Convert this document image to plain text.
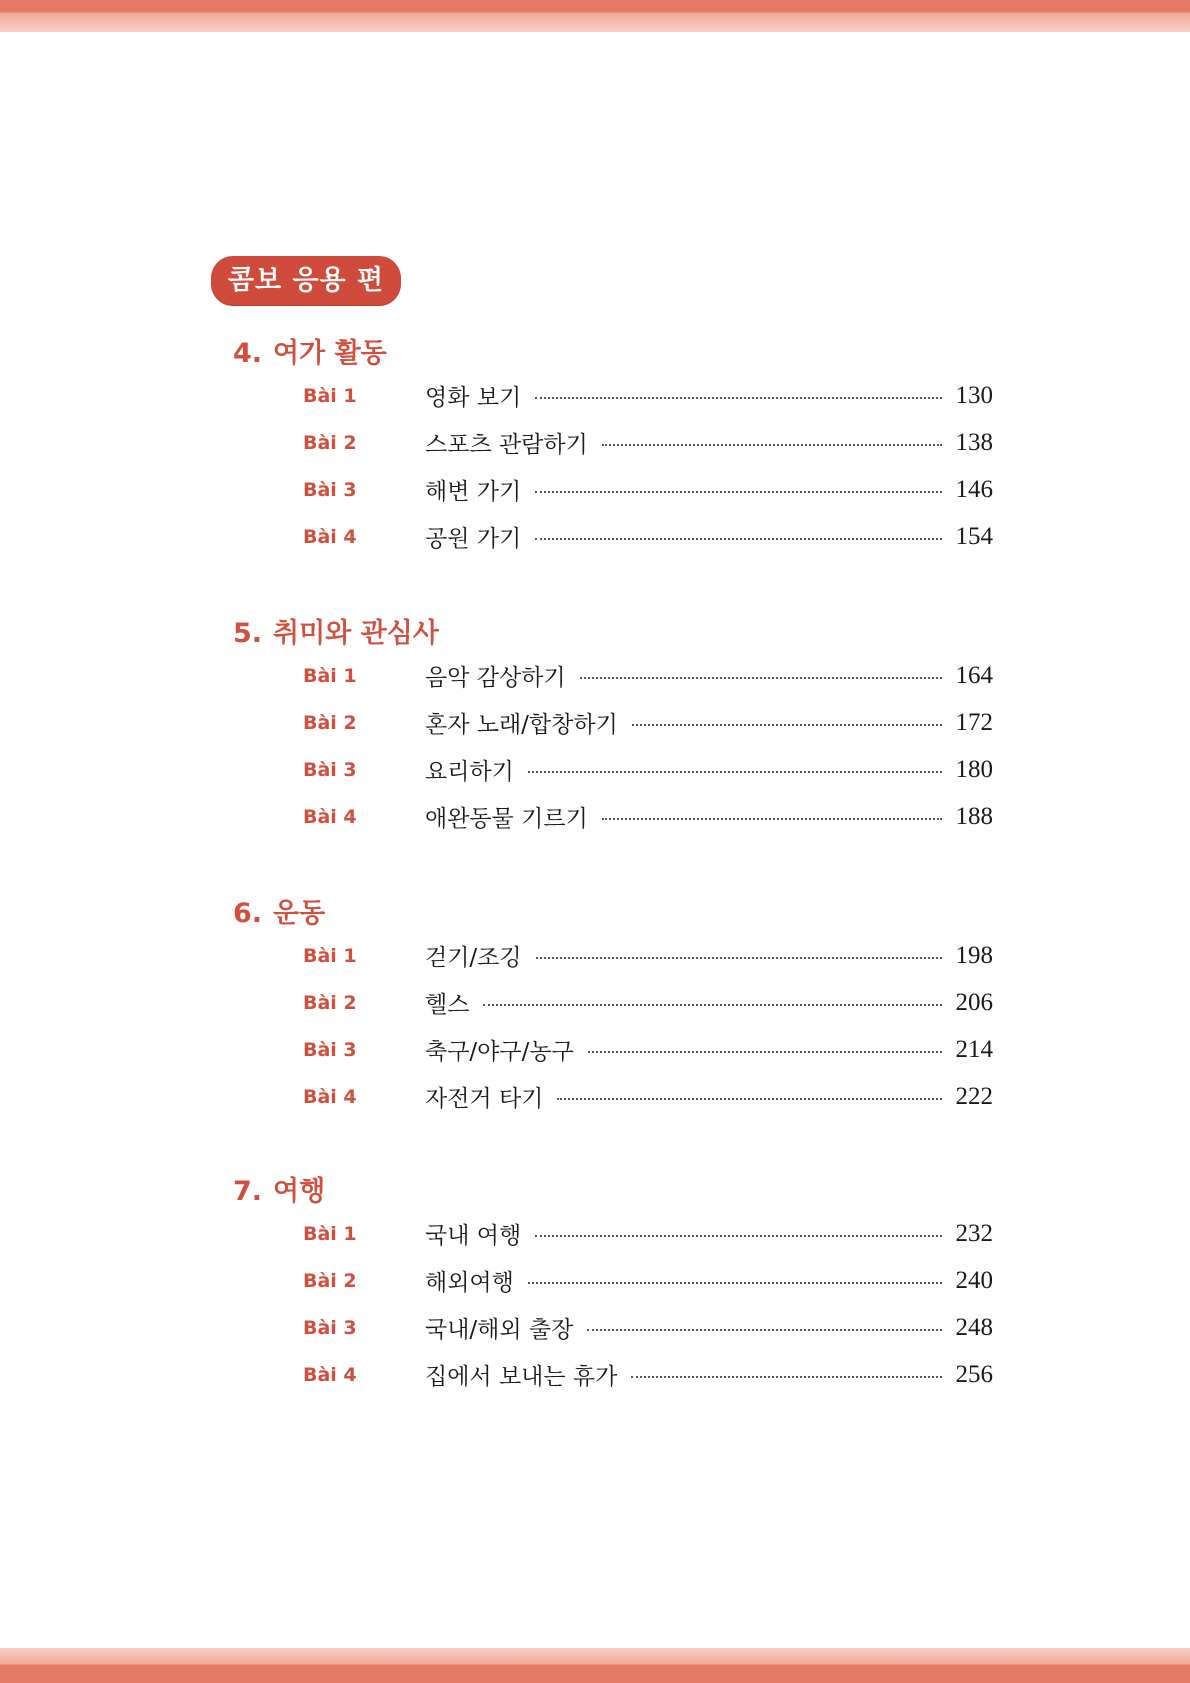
콤보 응용 편
4. 여가 활동
Bài 1	영화 보기	130
Bài 2	스포츠 관람하기	138
Bài 3	해변 가기	146
Bài 4	공원 가기	154
5. 취미와 관심사
Bài 1	음악 감상하기	164
Bài 2	혼자 노래/합창하기	172
Bài 3	요리하기	180
Bài 4	애완동물 기르기	188
6. 운동
Bài 1	걷기/조깅	198
Bài 2	헬스	206
Bài 3	축구/야구/농구	214
Bài 4	자전거 타기	222
7. 여행
Bài 1	국내 여행	232
Bài 2	해외여행	240
Bài 3	국내/해외 출장	248
Bài 4	집에서 보내는 휴가	256
